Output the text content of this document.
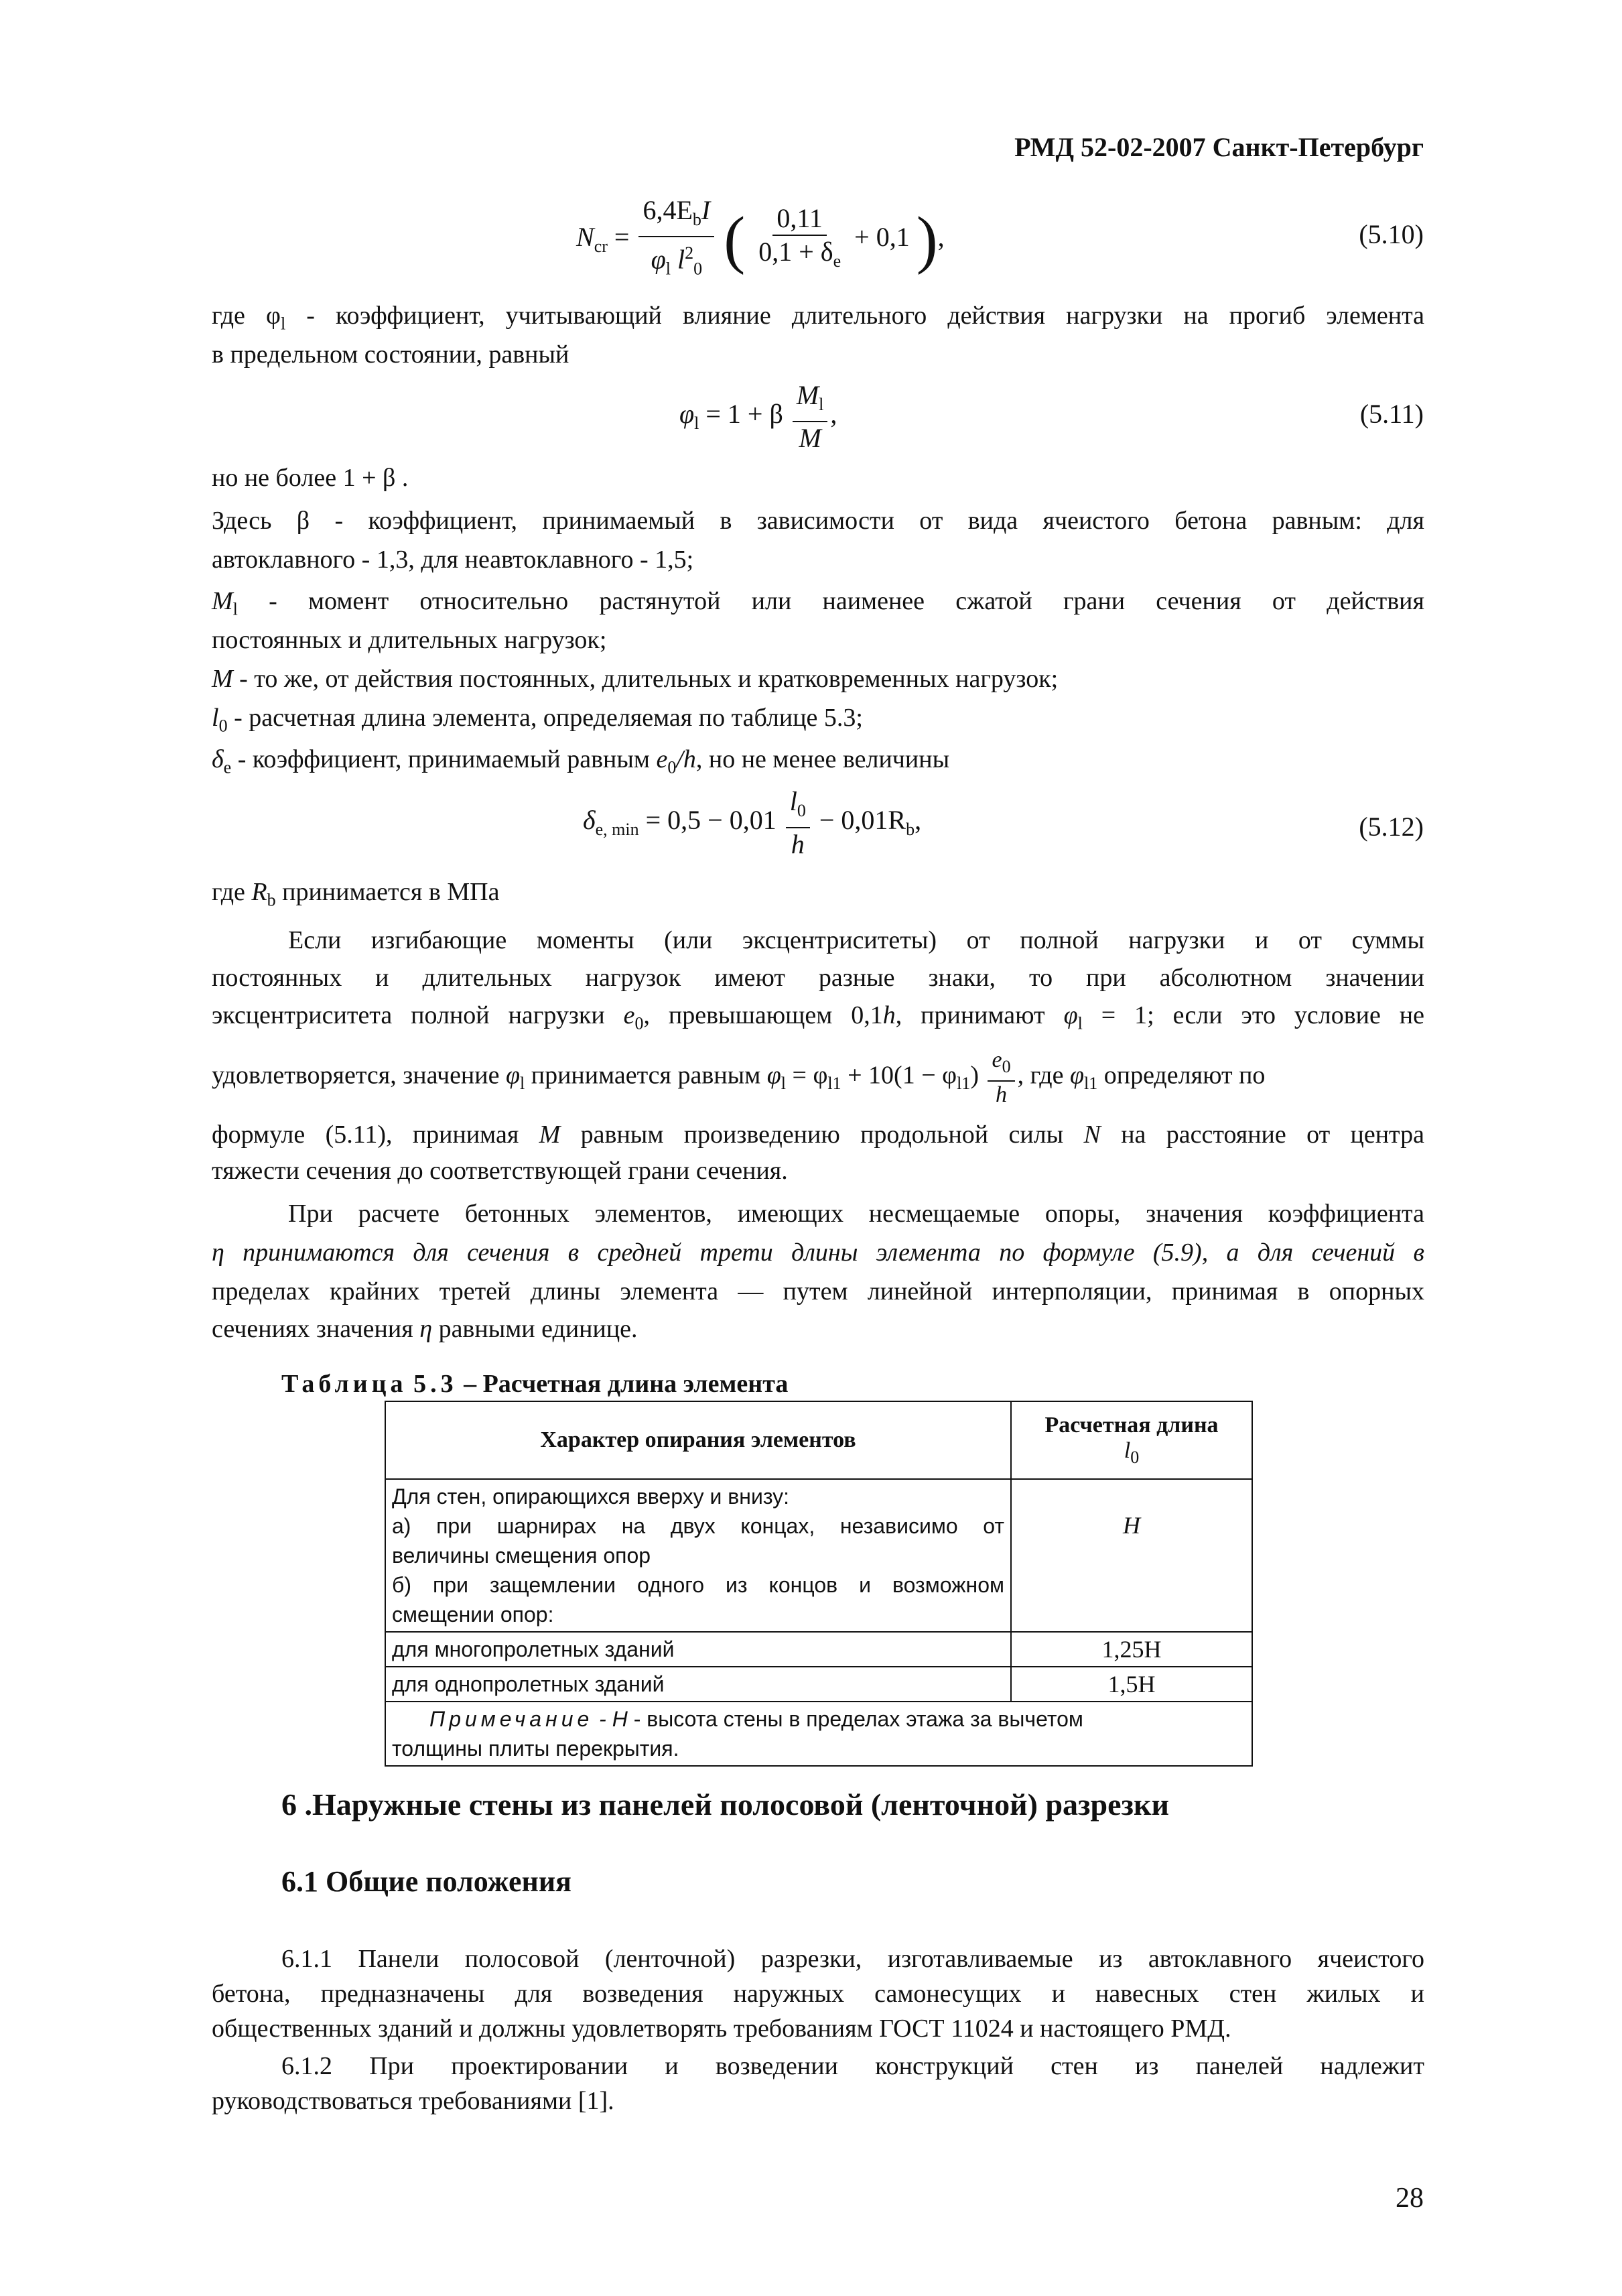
РМД 52-02-2007 Санкт-Петербург
$N_{cr} = \frac{6,4E_bI}{\varphi_l l^2_0}$ ( $\frac{0,11}{0,1 + \delta_e} + 0,1$ ),	(5.10)
где $\varphi_l$ - коэффициент, учитывающий влияние длительного действия нагрузки на прогиб элемента
в предельном состоянии, равный
$\varphi_l = 1 + \beta \frac{M_l}{M}$ ,	(5.11)
но не более 1 + β .
Здесь β - коэффициент, принимаемый в зависимости от вида ячеистого бетона равным: для
автоклавного - 1,3, для неавтоклавного - 1,5;
$M_l$ - момент относительно растянутой или наименее сжатой грани сечения от действия
постоянных и длительных нагрузок;
M - то же, от действия постоянных, длительных и кратковременных нагрузок;
$l_0$ - расчетная длина элемента, определяемая по таблице 5.3;
$\delta_e$ - коэффициент, принимаемый равным $e_0/h$, но не менее величины
$\delta_{e, min} = 0,5 - 0,01 \frac{l_0}{h} - 0,01R_b$,	(5.12)
где $R_b$ принимается в МПа
Если изгибающие моменты (или эксцентриситеты) от полной нагрузки и от суммы
постоянных и длительных нагрузок имеют разные знаки, то при абсолютном значении
эксцентриситета полной нагрузки $e_0$, превышающем 0,1h, принимают $\varphi_l = 1$; если это условие не
удовлетворяется, значение $\varphi_l$ принимается равным $\varphi_l = \varphi_{l1} + 10(1 - \varphi_{l1}) \frac{e_0}{h}$ , где $\varphi_{l1}$ определяют по
формуле (5.11), принимая M равным произведению продольной силы N на расстояние от центра
тяжести сечения до соответствующей грани сечения.
При расчете бетонных элементов, имеющих несмещаемые опоры, значения коэффициента
η принимаются для сечения в средней трети длины элемента по формуле (5.9), а для сечений в
пределах крайних третей длины элемента — путем линейной интерполяции, принимая в опорных
сечениях значения η равными единице.
Таблица 5.3 – Расчетная длина элемента
Характер опирания элементов	Расчетная длина
$l_0$

Для стен, опирающихся вверху и внизу:
а) при шарнирах на двух концах, независимо от
величины смещения опор
б) при защемлении одного из концов и возможном
смещении опор:	H

для многопролетных зданий	1,25H

для однопролетных зданий	1,5H

Примечание - H - высота стены в пределах этажа за вычетом
толщины плиты перекрытия.	
6 .Наружные стены из панелей полосовой (ленточной) разрезки
6.1 Общие положения
6.1.1 Панели полосовой (ленточной) разрезки, изготавливаемые из автоклавного ячеистого
бетона, предназначены для возведения наружных самонесущих и навесных стен жилых и
общественных зданий и должны удовлетворять требованиям ГОСТ 11024 и настоящего РМД.
6.1.2 При проектировании и возведении конструкций стен из панелей надлежит
руководствоваться требованиями [1].
28
